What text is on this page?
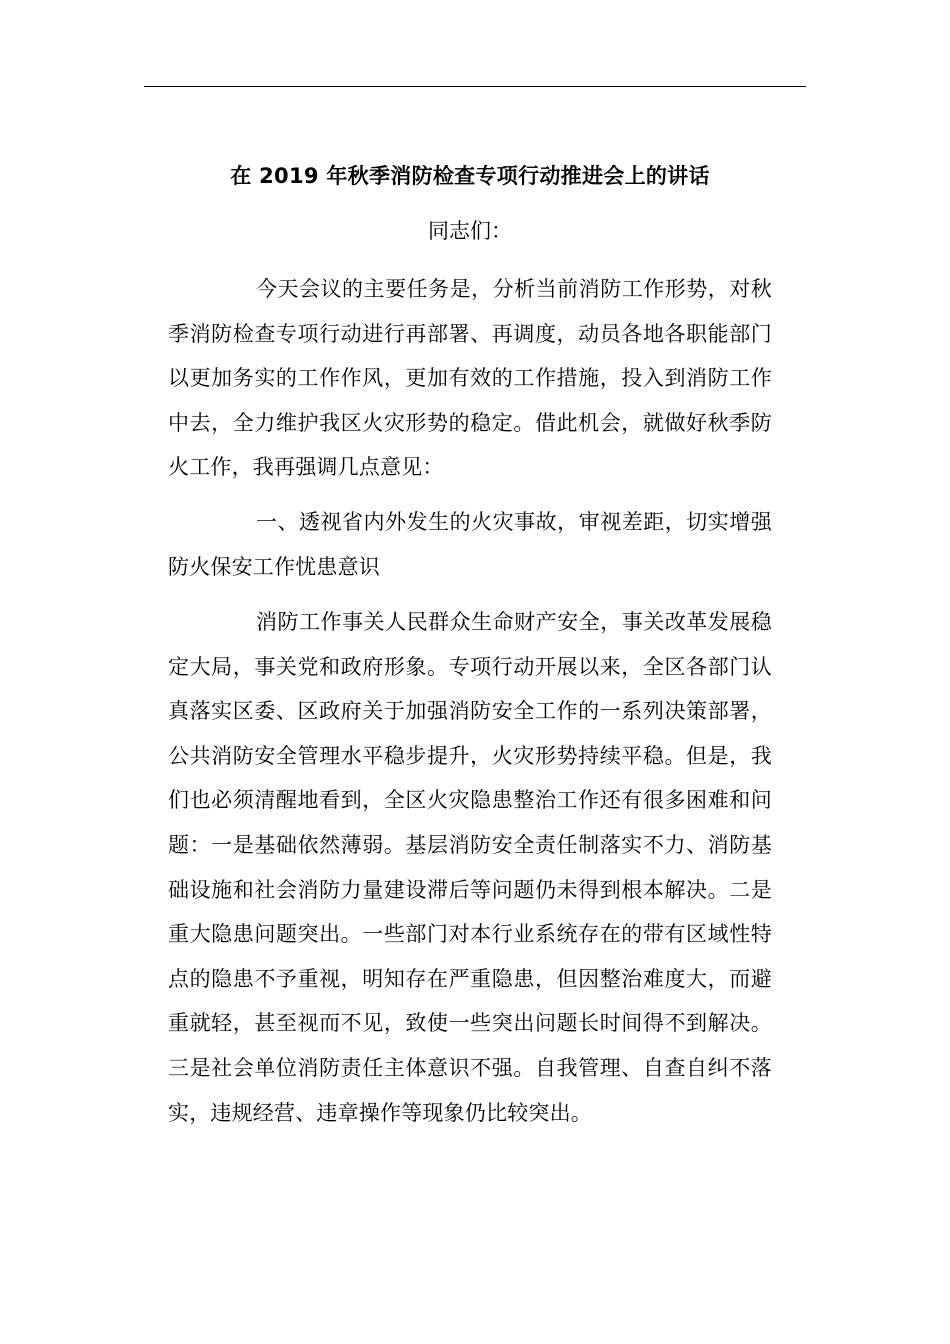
在 2019 年秋季消防检查专项行动推进会上的讲话

同志们：

今天会议的主要任务是，分析当前消防工作形势，对秋季消防检查专项行动进行再部署、再调度，动员各地各职能部门以更加务实的工作作风，更加有效的工作措施，投入到消防工作中去，全力维护我区火灾形势的稳定。借此机会，就做好秋季防火工作，我再强调几点意见：

一、透视省内外发生的火灾事故，审视差距，切实增强防火保安工作忧患意识

消防工作事关人民群众生命财产安全，事关改革发展稳定大局，事关党和政府形象。专项行动开展以来，全区各部门认真落实区委、区政府关于加强消防安全工作的一系列决策部署，公共消防安全管理水平稳步提升，火灾形势持续平稳。但是，我们也必须清醒地看到，全区火灾隐患整治工作还有很多困难和问题：一是基础依然薄弱。基层消防安全责任制落实不力、消防基础设施和社会消防力量建设滞后等问题仍未得到根本解决。二是重大隐患问题突出。一些部门对本行业系统存在的带有区域性特点的隐患不予重视，明知存在严重隐患，但因整治难度大，而避重就轻，甚至视而不见，致使一些突出问题长时间得不到解决。三是社会单位消防责任主体意识不强。自我管理、自查自纠不落实，违规经营、违章操作等现象仍比较突出。
